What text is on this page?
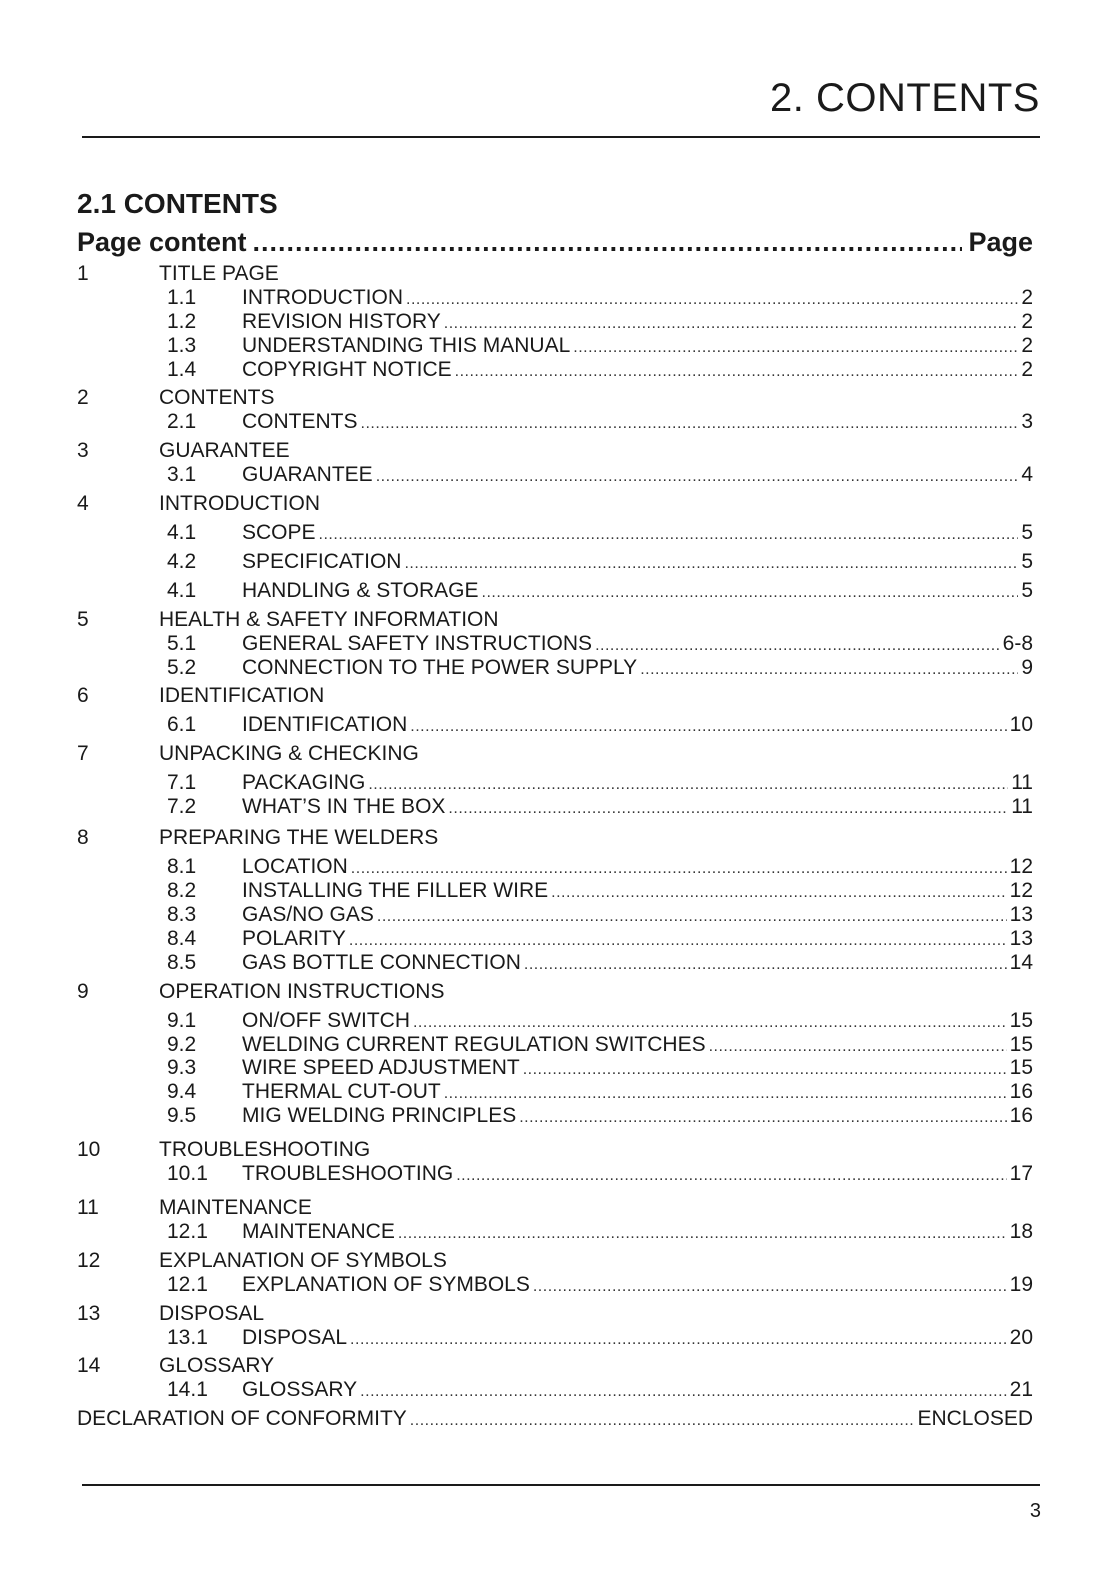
2. CONTENTS
2.1 CONTENTS
Page content .....	Page
1	TITLE PAGE
1.1 INTRODUCTION .....	2
1.2 REVISION HISTORY .....	2
1.3 UNDERSTANDING THIS MANUAL .....	2
1.4 COPYRIGHT NOTICE .....	2
2	CONTENTS
2.1 CONTENTS .....	3
3	GUARANTEE
3.1 GUARANTEE .....	4
4	INTRODUCTION
4.1 SCOPE .....	5
4.2 SPECIFICATION .....	5
4.1 HANDLING & STORAGE .....	5
5	HEALTH & SAFETY INFORMATION
5.1 GENERAL SAFETY INSTRUCTIONS .....	6-8
5.2 CONNECTION TO THE POWER SUPPLY .....	9
6	IDENTIFICATION
6.1 IDENTIFICATION .....	10
7	UNPACKING & CHECKING
7.1 PACKAGING .....	11
7.2 WHAT’S IN THE BOX .....	11
8	PREPARING THE WELDERS
8.1 LOCATION .....	12
8.2 INSTALLING THE FILLER WIRE .....	12
8.3 GAS/NO GAS .....	13
8.4 POLARITY .....	13
8.5 GAS BOTTLE CONNECTION .....	14
9	OPERATION INSTRUCTIONS
9.1 ON/OFF SWITCH .....	15
9.2 WELDING CURRENT REGULATION SWITCHES .....	15
9.3 WIRE SPEED ADJUSTMENT .....	15
9.4 THERMAL CUT-OUT .....	16
9.5 MIG WELDING PRINCIPLES .....	16
10	TROUBLESHOOTING
10.1 TROUBLESHOOTING .....	17
11	MAINTENANCE
12.1 MAINTENANCE .....	18
12	EXPLANATION OF SYMBOLS
12.1 EXPLANATION OF SYMBOLS .....	19
13	DISPOSAL
13.1 DISPOSAL .....	20
14	GLOSSARY
14.1 GLOSSARY .....	21
DECLARATION OF CONFORMITY .....	ENCLOSED
3
